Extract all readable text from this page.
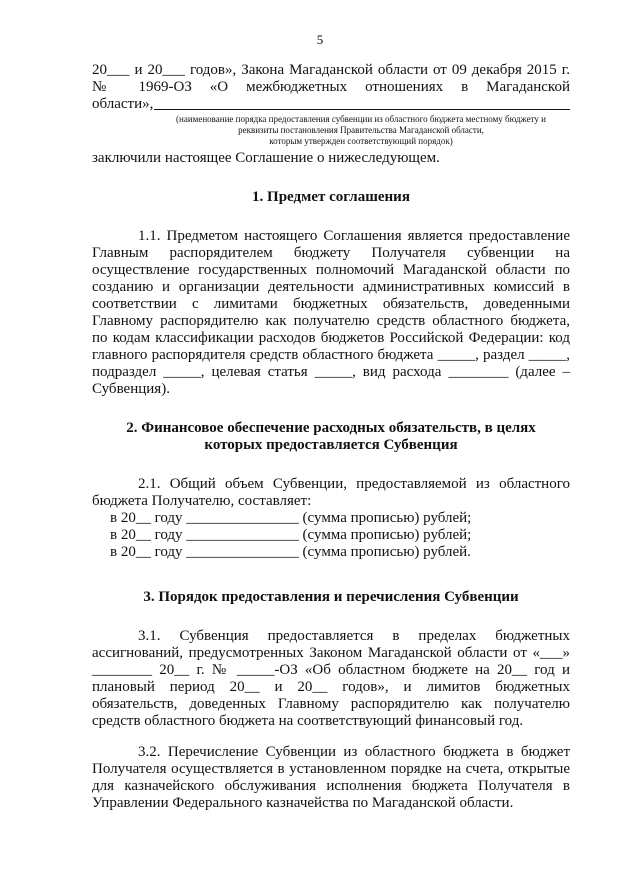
5

20___ и 20___ годов», Закона Магаданской области от 09 декабря 2015 г.

№ 1969-ОЗ «О межбюджетных отношениях в Магаданской

области»,
(наименование порядка предоставления субвенции из областного бюджета местному бюджету и
реквизиты постановления Правительства Магаданской области,
которым утвержден соответствующий порядок)

заключили настоящее Соглашение о нижеследующем.

1. Предмет соглашения

1.1. Предметом настоящего Соглашения является предоставление

Главным распорядителем бюджету Получателя субвенции на

осуществление государственных полномочий Магаданской области по

созданию и организации деятельности административных комиссий в

соответствии с лимитами бюджетных обязательств, доведенными

Главному распорядителю как получателю средств областного бюджета,

по кодам классификации расходов бюджетов Российской Федерации: код

главного распорядителя средств областного бюджета _____, раздел _____,

подраздел _____, целевая статья _____, вид расхода ________ (далее –

Субвенция).

2. Финансовое обеспечение расходных обязательств, в целях
которых предоставляется Субвенция

2.1. Общий объем Субвенции, предоставляемой из областного

бюджета Получателю, составляет:

в 20__ году _______________ (сумма прописью) рублей;

в 20__ году _______________ (сумма прописью) рублей;

в 20__ году _______________ (сумма прописью) рублей.

3. Порядок предоставления и перечисления Субвенции

3.1. Субвенция предоставляется в пределах бюджетных

ассигнований, предусмотренных Законом Магаданской области от «___»

________ 20__ г. № _____-ОЗ «Об областном бюджете на 20__ год и

плановый период 20__ и 20__ годов», и лимитов бюджетных

обязательств, доведенных Главному распорядителю как получателю

средств областного бюджета на соответствующий финансовый год.

3.2. Перечисление Субвенции из областного бюджета в бюджет

Получателя осуществляется в установленном порядке на счета, открытые

для казначейского обслуживания исполнения бюджета Получателя в

Управлении Федерального казначейства по Магаданской области.
